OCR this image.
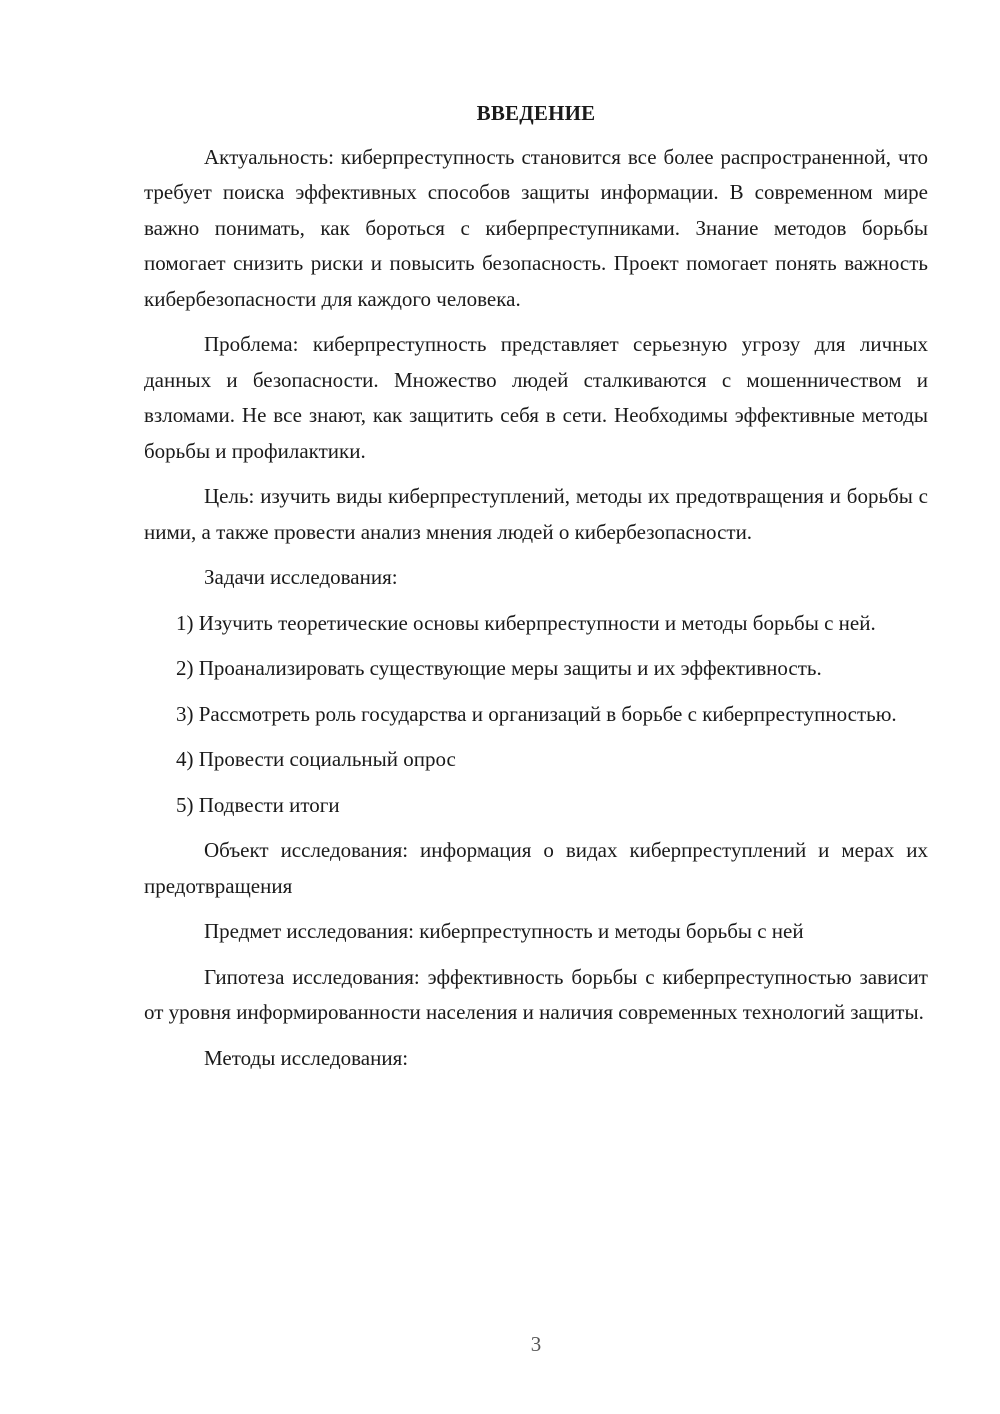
ВВЕДЕНИЕ

Актуальность: киберпреступность становится все более распространенной, что требует поиска эффективных способов защиты информации. В современном мире важно понимать, как бороться с киберпреступниками. Знание методов борьбы помогает снизить риски и повысить безопасность. Проект помогает понять важность кибербезопасности для каждого человека.

Проблема: киберпреступность представляет серьезную угрозу для личных данных и безопасности. Множество людей сталкиваются с мошенничеством и взломами. Не все знают, как защитить себя в сети. Необходимы эффективные методы борьбы и профилактики.

Цель: изучить виды киберпреступлений, методы их предотвращения и борьбы с ними, а также провести анализ мнения людей о кибербезопасности.

Задачи исследования:

1) Изучить теоретические основы киберпреступности и методы борьбы с ней.

2) Проанализировать существующие меры защиты и их эффективность.

3) Рассмотреть роль государства и организаций в борьбе с киберпреступностью.

4) Провести социальный опрос

5) Подвести итоги

Объект исследования: информация о видах киберпреступлений и мерах их предотвращения

Предмет исследования: киберпреступность и методы борьбы с ней

Гипотеза исследования: эффективность борьбы с киберпреступностью зависит от уровня информированности населения и наличия современных технологий защиты.

Методы исследования:

3
